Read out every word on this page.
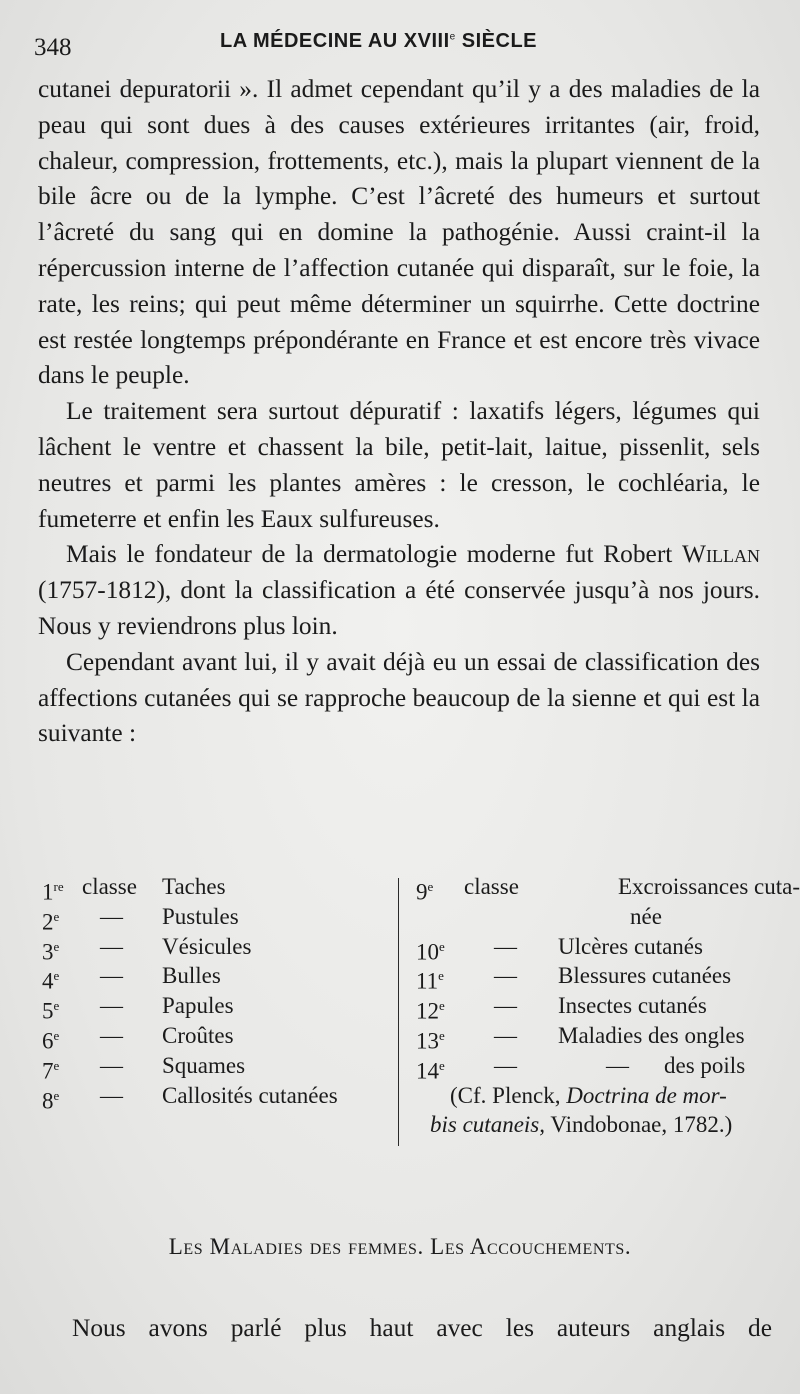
348	LA MÉDECINE AU XVIIIe SIÈCLE

cutanei depuratorii ». Il admet cependant qu’il y a des maladies de la peau qui sont dues à des causes extérieures irritantes (air, froid, chaleur, compression, frottements, etc.), mais la plupart viennent de la bile âcre ou de la lymphe. C’est l’âcreté des humeurs et surtout l’âcreté du sang qui en domine la pathogénie. Aussi craint-il la répercussion interne de l’affection cutanée qui disparaît, sur le foie, la rate, les reins; qui peut même déterminer un squirrhe. Cette doctrine est restée longtemps prépondérante en France et est encore très vivace dans le peuple.

Le traitement sera surtout dépuratif : laxatifs légers, légumes qui lâchent le ventre et chassent la bile, petit-lait, laitue, pissenlit, sels neutres et parmi les plantes amères : le cresson, le cochléaria, le fumeterre et enfin les Eaux sulfureuses.

Mais le fondateur de la dermatologie moderne fut Robert Willan (1757-1812), dont la classification a été conservée jusqu’à nos jours. Nous y reviendrons plus loin.

Cependant avant lui, il y avait déjà eu un essai de classification des affections cutanées qui se rapproche beaucoup de la sienne et qui est la suivante :

1re classe Taches
2e — Pustules
3e — Vésicules
4e — Bulles
5e — Papules
6e — Croûtes
7e — Squames
8e — Callosités cutanées
9e classe	Excroissances cuta-
née
10e — Ulcères cutanés
11e — Blessures cutanées
12e — Insectes cutanés
13e — Maladies des ongles
14e —	— des poils
(Cf. Plenck, Doctrina de mor-
bis cutaneis, Vindobonae, 1782.)
Les Maladies des femmes. Les Accouchements.
Nous avons parlé plus haut avec les auteurs anglais de
